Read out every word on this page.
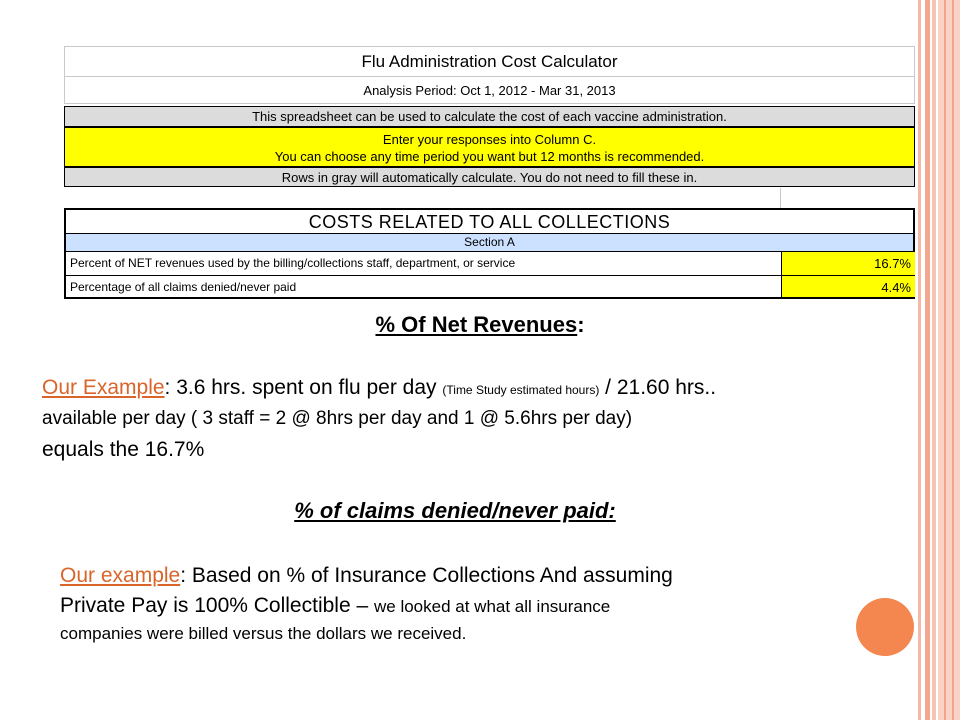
Flu Administration Cost Calculator
Analysis Period: Oct 1, 2012 - Mar 31, 2013
This spreadsheet can be used to calculate the cost of each vaccine administration.
Enter your responses into Column C.
You can choose any time period you want but 12 months is recommended.
Rows in gray will automatically calculate. You do not need to fill these in.
COSTS RELATED TO ALL COLLECTIONS
Section A
Percent of NET revenues used by the billing/collections staff, department, or service	16.7%
Percentage of all claims denied/never paid	4.4%
% Of Net Revenues:
Our Example: 3.6 hrs. spent on flu per day (Time Study estimated hours) / 21.60 hrs..
available per day ( 3 staff = 2 @ 8hrs per day and 1 @ 5.6hrs per day)
equals the 16.7%
% of claims denied/never paid:
Our example: Based on % of Insurance Collections And assuming
Private Pay is 100% Collectible – we looked at what all insurance
companies were billed versus the dollars we received.
